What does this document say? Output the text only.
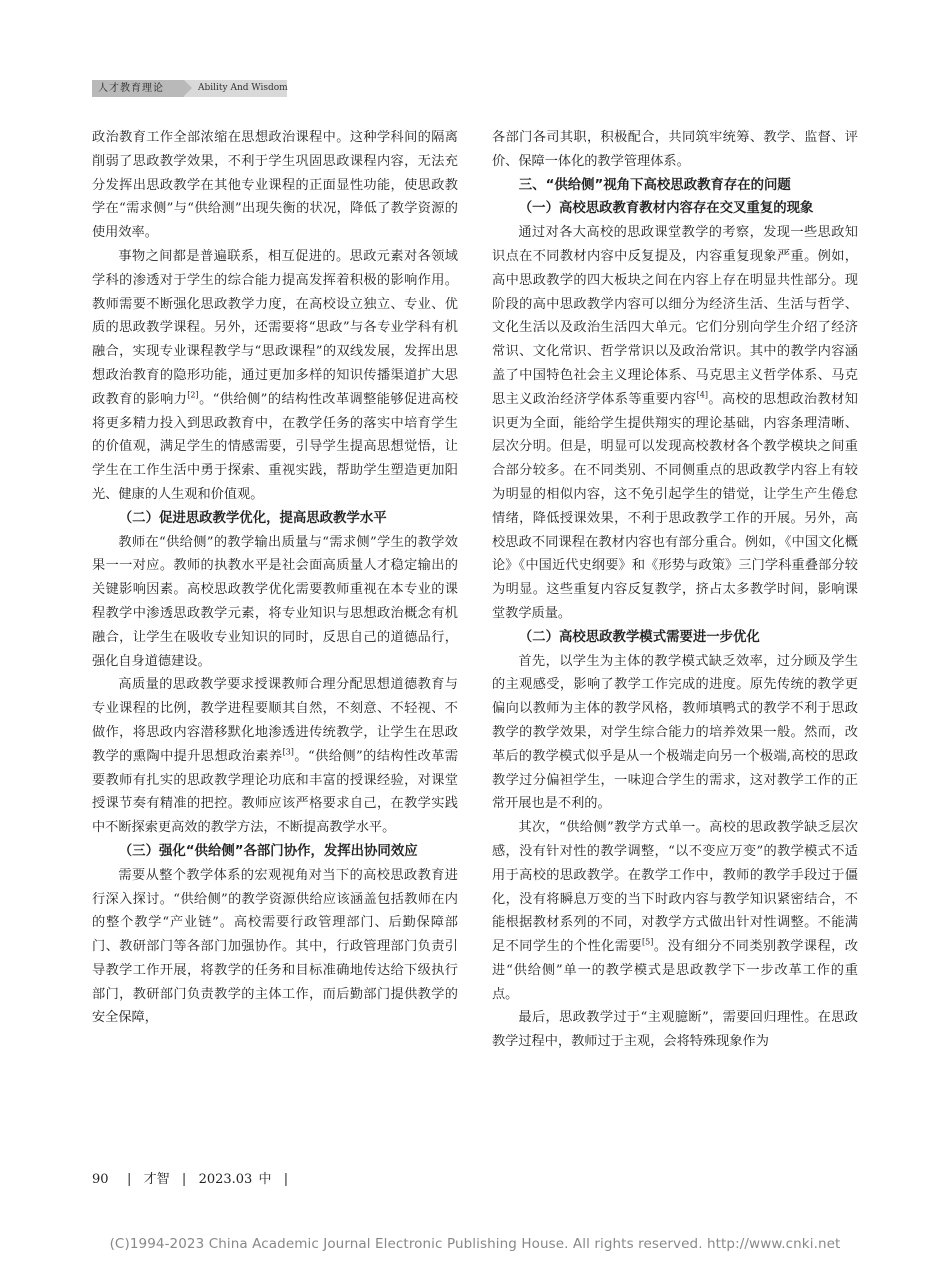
人才教育理论	Ability And Wisdom

政治教育工作全部浓缩在思想政治课程中。这种学科间的隔离削弱了思政教学效果，不利于学生巩固思政课程内容，无法充分发挥出思政教学在其他专业课程的正面显性功能，使思政教学在“需求侧”与“供给测”出现失衡的状况，降低了教学资源的使用效率。

事物之间都是普遍联系，相互促进的。思政元素对各领域学科的渗透对于学生的综合能力提高发挥着积极的影响作用。教师需要不断强化思政教学力度，在高校设立独立、专业、优质的思政教学课程。另外，还需要将“思政”与各专业学科有机融合，实现专业课程教学与“思政课程”的双线发展，发挥出思想政治教育的隐形功能，通过更加多样的知识传播渠道扩大思政教育的影响力[2]。“供给侧”的结构性改革调整能够促进高校将更多精力投入到思政教育中，在教学任务的落实中培育学生的价值观，满足学生的情感需要，引导学生提高思想觉悟，让学生在工作生活中勇于探索、重视实践，帮助学生塑造更加阳光、健康的人生观和价值观。

（二）促进思政教学优化，提高思政教学水平

教师在“供给侧”的教学输出质量与“需求侧”学生的教学效果一一对应。教师的执教水平是社会面高质量人才稳定输出的关键影响因素。高校思政教学优化需要教师重视在本专业的课程教学中渗透思政教学元素，将专业知识与思想政治概念有机融合，让学生在吸收专业知识的同时，反思自己的道德品行，强化自身道德建设。

高质量的思政教学要求授课教师合理分配思想道德教育与专业课程的比例，教学进程要顺其自然，不刻意、不轻视、不做作，将思政内容潜移默化地渗透进传统教学，让学生在思政教学的熏陶中提升思想政治素养[3]。“供给侧”的结构性改革需要教师有扎实的思政教学理论功底和丰富的授课经验，对课堂授课节奏有精准的把控。教师应该严格要求自己，在教学实践中不断探索更高效的教学方法，不断提高教学水平。

（三）强化“供给侧”各部门协作，发挥出协同效应

需要从整个教学体系的宏观视角对当下的高校思政教育进行深入探讨。“供给侧”的教学资源供给应该涵盖包括教师在内的整个教学“产业链”。高校需要行政管理部门、后勤保障部门、教研部门等各部门加强协作。其中，行政管理部门负责引导教学工作开展，将教学的任务和目标准确地传达给下级执行部门，教研部门负责教学的主体工作，而后勤部门提供教学的安全保障，

各部门各司其职，积极配合，共同筑牢统筹、教学、监督、评价、保障一体化的教学管理体系。

三、“供给侧”视角下高校思政教育存在的问题
（一）高校思政教育教材内容存在交叉重复的现象

通过对各大高校的思政课堂教学的考察，发现一些思政知识点在不同教材内容中反复提及，内容重复现象严重。例如，高中思政教学的四大板块之间在内容上存在明显共性部分。现阶段的高中思政教学内容可以细分为经济生活、生活与哲学、文化生活以及政治生活四大单元。它们分别向学生介绍了经济常识、文化常识、哲学常识以及政治常识。其中的教学内容涵盖了中国特色社会主义理论体系、马克思主义哲学体系、马克思主义政治经济学体系等重要内容[4]。高校的思想政治教材知识更为全面，能给学生提供翔实的理论基础，内容条理清晰、层次分明。但是，明显可以发现高校教材各个教学模块之间重合部分较多。在不同类别、不同侧重点的思政教学内容上有较为明显的相似内容，这不免引起学生的错觉，让学生产生倦怠情绪，降低授课效果，不利于思政教学工作的开展。另外，高校思政不同课程在教材内容也有部分重合。例如，《中国文化概论》《中国近代史纲要》和《形势与政策》三门学科重叠部分较为明显。这些重复内容反复教学，挤占太多教学时间，影响课堂教学质量。

（二）高校思政教学模式需要进一步优化

首先，以学生为主体的教学模式缺乏效率，过分顾及学生的主观感受，影响了教学工作完成的进度。原先传统的教学更偏向以教师为主体的教学风格，教师填鸭式的教学不利于思政教学的教学效果，对学生综合能力的培养效果一般。然而，改革后的教学模式似乎是从一个极端走向另一个极端,高校的思政教学过分偏袒学生，一味迎合学生的需求，这对教学工作的正常开展也是不利的。

其次，“供给侧”教学方式单一。高校的思政教学缺乏层次感，没有针对性的教学调整，“以不变应万变”的教学模式不适用于高校的思政教学。在教学工作中，教师的教学手段过于僵化，没有将瞬息万变的当下时政内容与教学知识紧密结合，不能根据教材系列的不同，对教学方式做出针对性调整。不能满足不同学生的个性化需要[5]。没有细分不同类别教学课程，改进“供给侧”单一的教学模式是思政教学下一步改革工作的重点。

最后，思政教学过于“主观臆断”，需要回归理性。在思政教学过程中，教师过于主观，会将特殊现象作为

90   |  才智  |  2023.03 中  |
(C)1994-2023 China Academic Journal Electronic Publishing House. All rights reserved. http://www.cnki.net
